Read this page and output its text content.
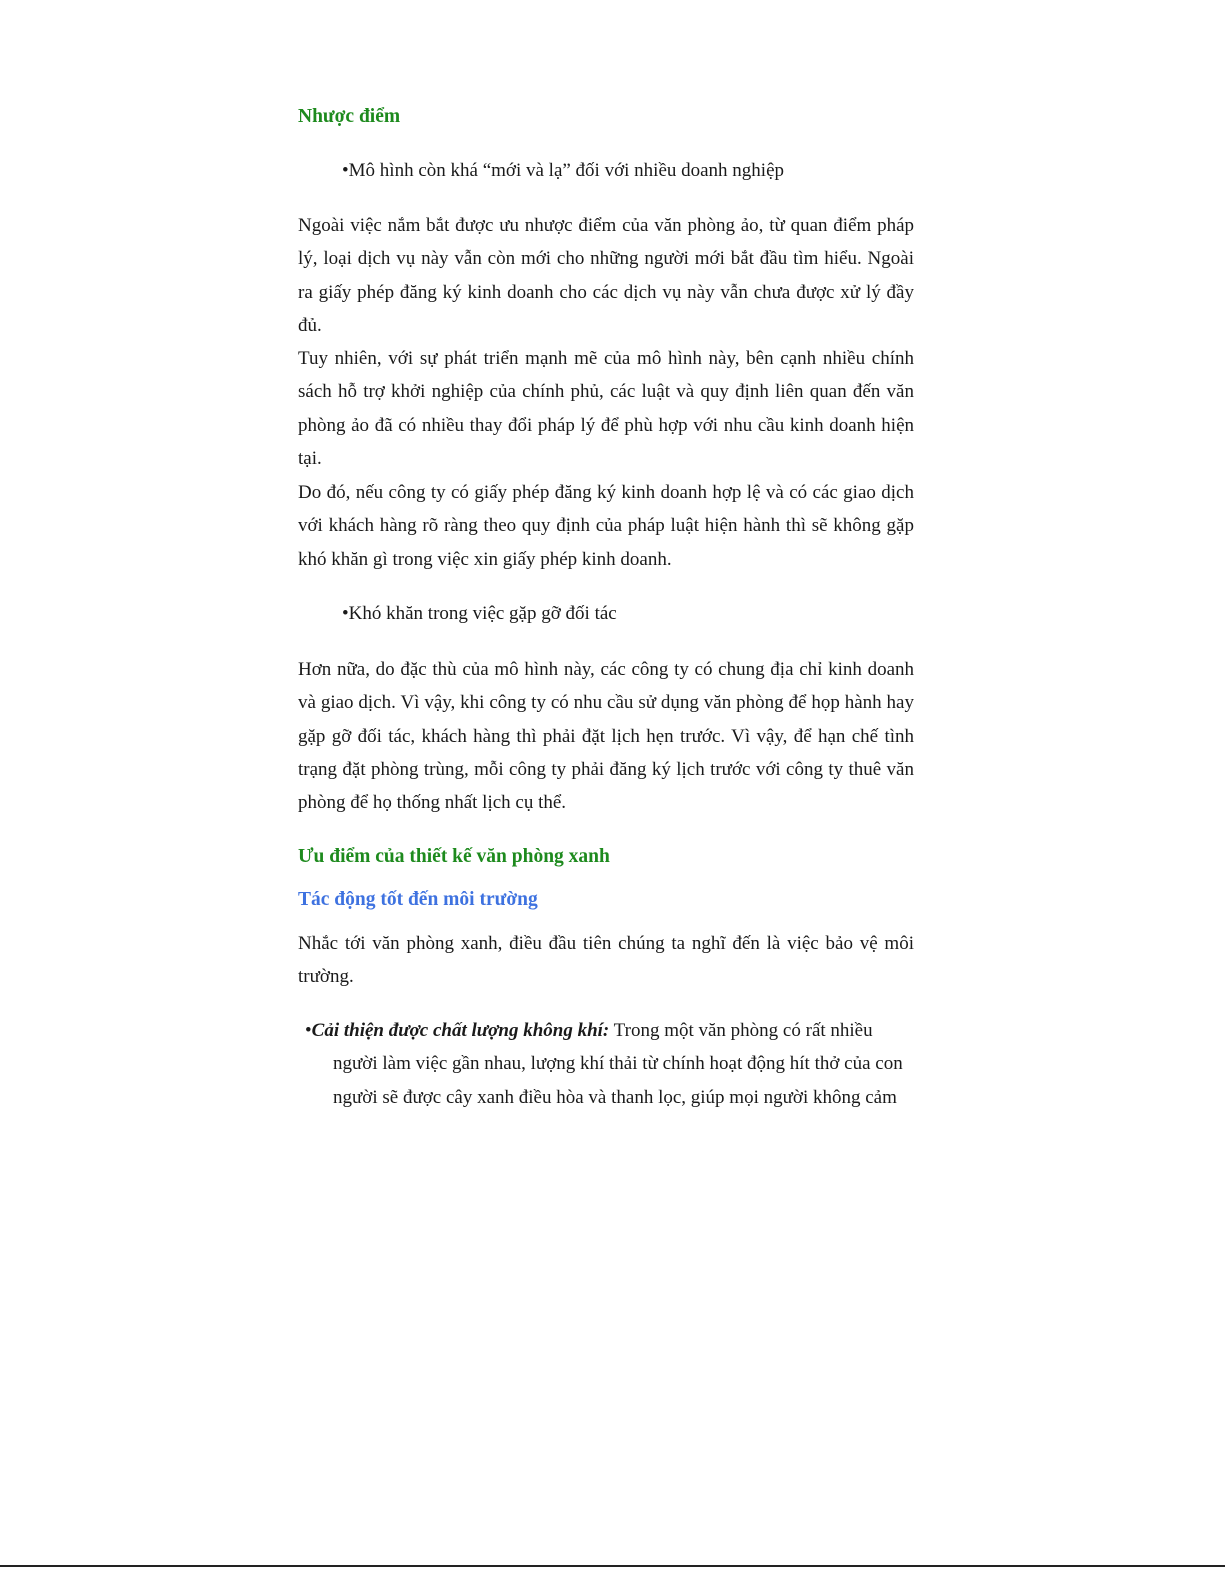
Nhược điểm
•Mô hình còn khá “mới và lạ” đối với nhiều doanh nghiệp

Ngoài việc nắm bắt được ưu nhược điểm của văn phòng ảo, từ quan điểm pháp lý, loại dịch vụ này vẫn còn mới cho những người mới bắt đầu tìm hiểu. Ngoài ra giấy phép đăng ký kinh doanh cho các dịch vụ này vẫn chưa được xử lý đầy đủ.

Tuy nhiên, với sự phát triển mạnh mẽ của mô hình này, bên cạnh nhiều chính sách hỗ trợ khởi nghiệp của chính phủ, các luật và quy định liên quan đến văn phòng ảo đã có nhiều thay đổi pháp lý để phù hợp với nhu cầu kinh doanh hiện tại.

Do đó, nếu công ty có giấy phép đăng ký kinh doanh hợp lệ và có các giao dịch với khách hàng rõ ràng theo quy định của pháp luật hiện hành thì sẽ không gặp khó khăn gì trong việc xin giấy phép kinh doanh.

•Khó khăn trong việc gặp gỡ đối tác

Hơn nữa, do đặc thù của mô hình này, các công ty có chung địa chỉ kinh doanh và giao dịch. Vì vậy, khi công ty có nhu cầu sử dụng văn phòng để họp hành hay gặp gỡ đối tác, khách hàng thì phải đặt lịch hẹn trước. Vì vậy, để hạn chế tình trạng đặt phòng trùng, mỗi công ty phải đăng ký lịch trước với công ty thuê văn phòng để họ thống nhất lịch cụ thể.

Ưu điểm của thiết kế văn phòng xanh
Tác động tốt đến môi trường

Nhắc tới văn phòng xanh, điều đầu tiên chúng ta nghĩ đến là việc bảo vệ môi trường.

•Cải thiện được chất lượng không khí: Trong một văn phòng có rất nhiều
người làm việc gần nhau, lượng khí thải từ chính hoạt động hít thở của con
người sẽ được cây xanh điều hòa và thanh lọc, giúp mọi người không cảm
